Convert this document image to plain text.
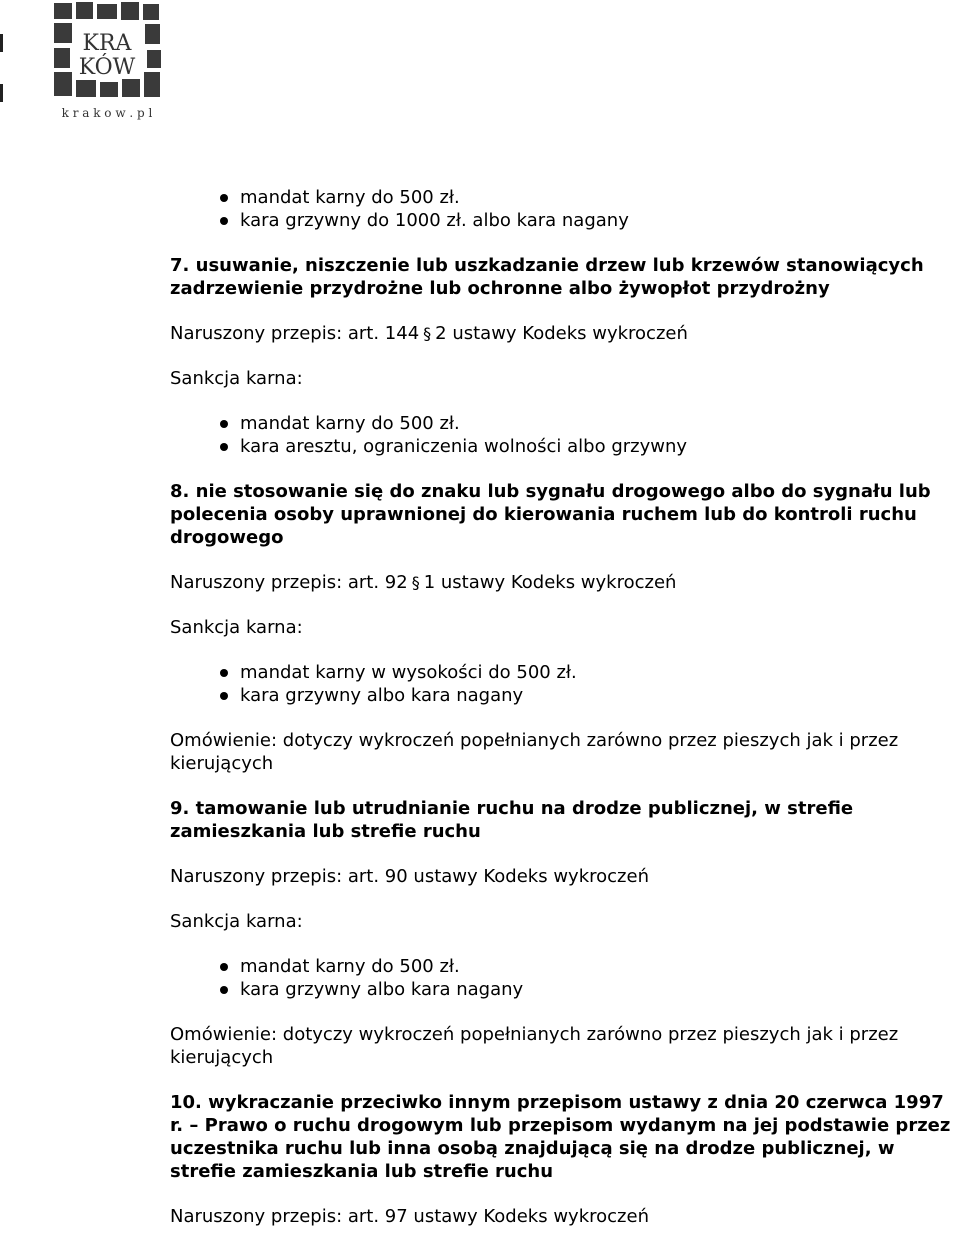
KRA
KÓW
k r a k o w . p l
mandat karny do 500 zł.
kara grzywny do 1000 zł. albo kara nagany

7. usuwanie, niszczenie lub uszkadzanie drzew lub krzewów stanowiących zadrzewienie przydrożne lub ochronne albo żywopłot przydrożny

Naruszony przepis: art. 144 § 2 ustawy Kodeks wykroczeń

Sankcja karna:

mandat karny do 500 zł.
kara aresztu, ograniczenia wolności albo grzywny

8. nie stosowanie się do znaku lub sygnału drogowego albo do sygnału lub polecenia osoby uprawnionej do kierowania ruchem lub do kontroli ruchu drogowego

Naruszony przepis: art. 92 § 1 ustawy Kodeks wykroczeń

Sankcja karna:

mandat karny w wysokości do 500 zł.
kara grzywny albo kara nagany

Omówienie: dotyczy wykroczeń popełnianych zarówno przez pieszych jak i przez kierujących

9. tamowanie lub utrudnianie ruchu na drodze publicznej, w strefie zamieszkania lub strefie ruchu

Naruszony przepis: art. 90 ustawy Kodeks wykroczeń

Sankcja karna:

mandat karny do 500 zł.
kara grzywny albo kara nagany

Omówienie: dotyczy wykroczeń popełnianych zarówno przez pieszych jak i przez kierujących

10. wykraczanie przeciwko innym przepisom ustawy z dnia 20 czerwca 1997 r. – Prawo o ruchu drogowym lub przepisom wydanym na jej podstawie przez uczestnika ruchu lub inna osobą znajdującą się na drodze publicznej, w strefie zamieszkania lub strefie ruchu

Naruszony przepis: art. 97 ustawy Kodeks wykroczeń
